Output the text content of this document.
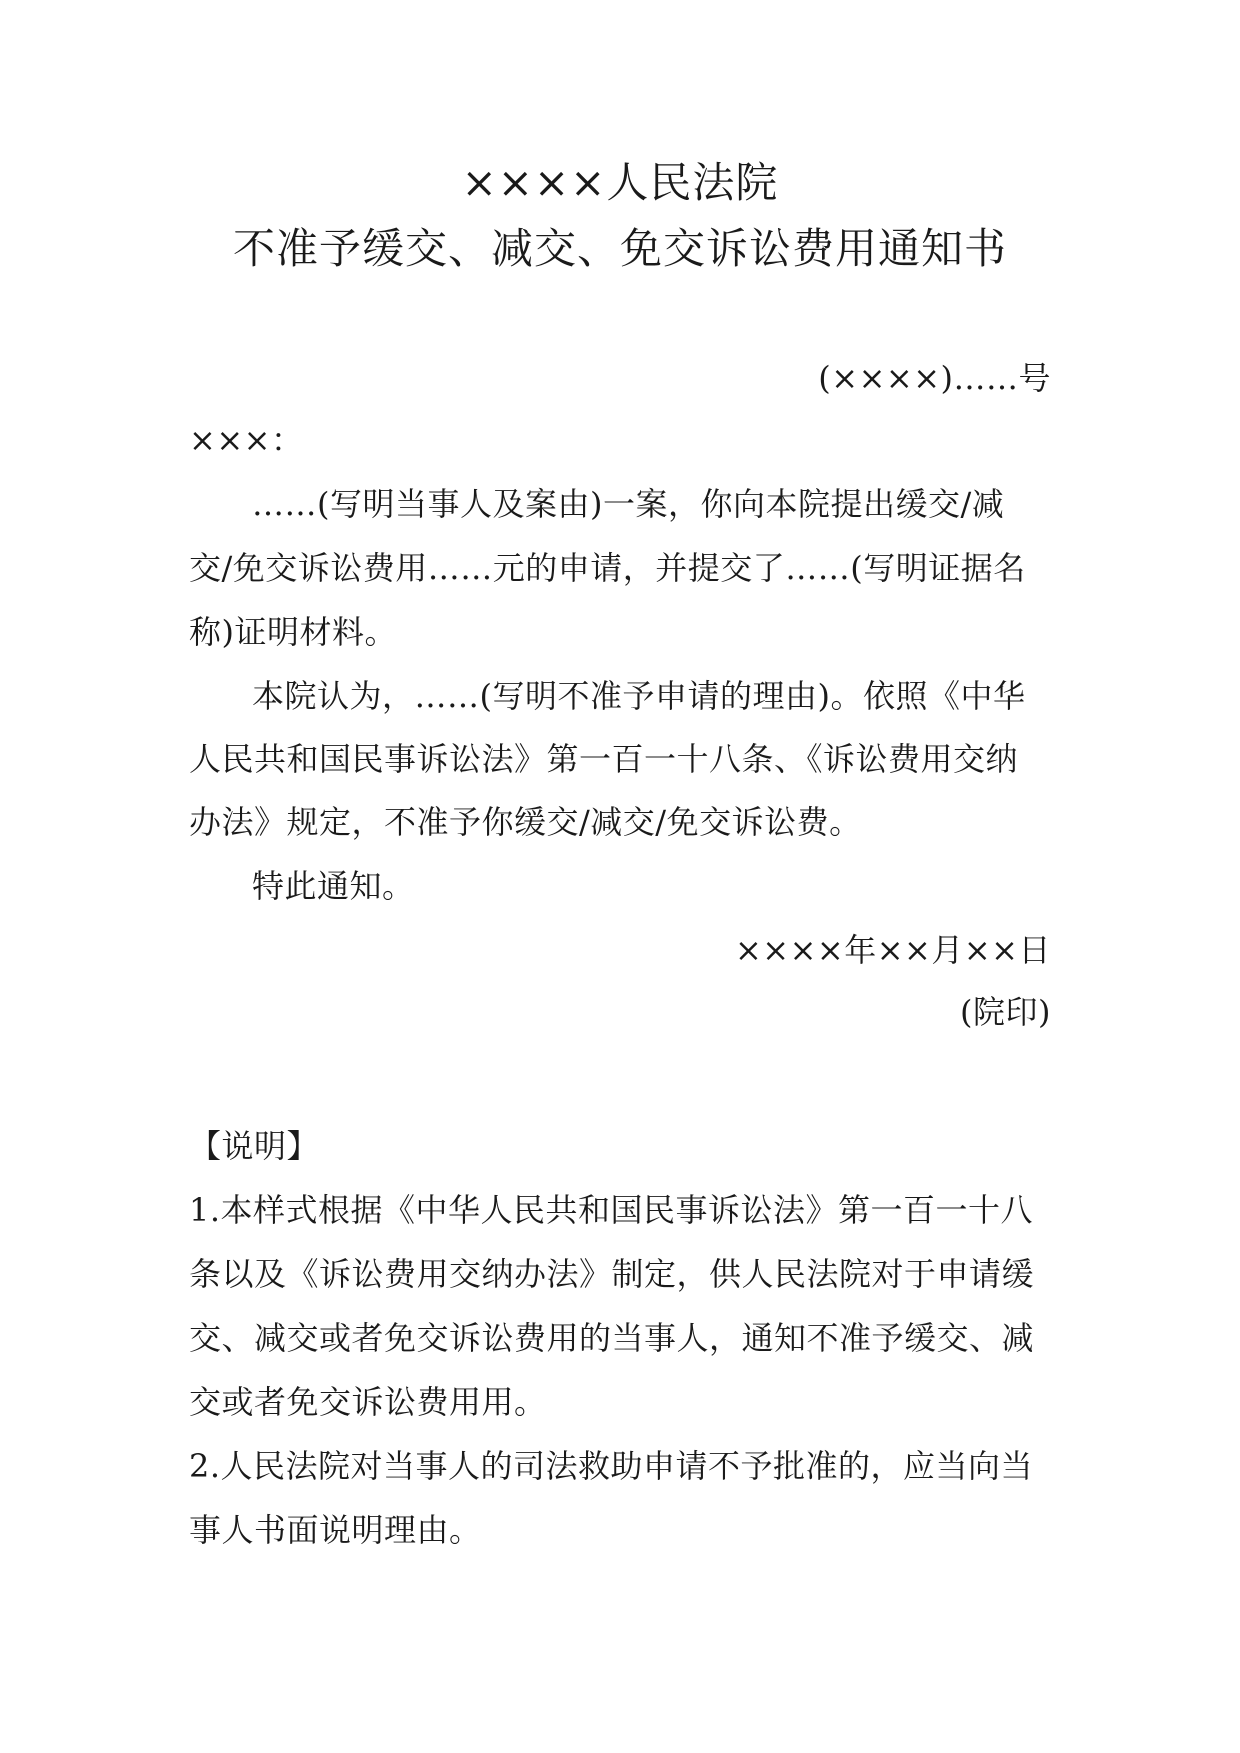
××××人民法院
不准予缓交、减交、免交诉讼费用通知书
(××××)……号
×××：
……(写明当事人及案由)一案，你向本院提出缓交/减
交/免交诉讼费用……元的申请，并提交了……(写明证据名
称)证明材料。
本院认为，……(写明不准予申请的理由)。依照《中华
人民共和国民事诉讼法》第一百一十八条、《诉讼费用交纳
办法》规定，不准予你缓交/减交/免交诉讼费。
特此通知。
××××年××月××日
(院印)
【说明】
1.本样式根据《中华人民共和国民事诉讼法》第一百一十八
条以及《诉讼费用交纳办法》制定，供人民法院对于申请缓
交、减交或者免交诉讼费用的当事人，通知不准予缓交、减
交或者免交诉讼费用用。
2.人民法院对当事人的司法救助申请不予批准的，应当向当
事人书面说明理由。
